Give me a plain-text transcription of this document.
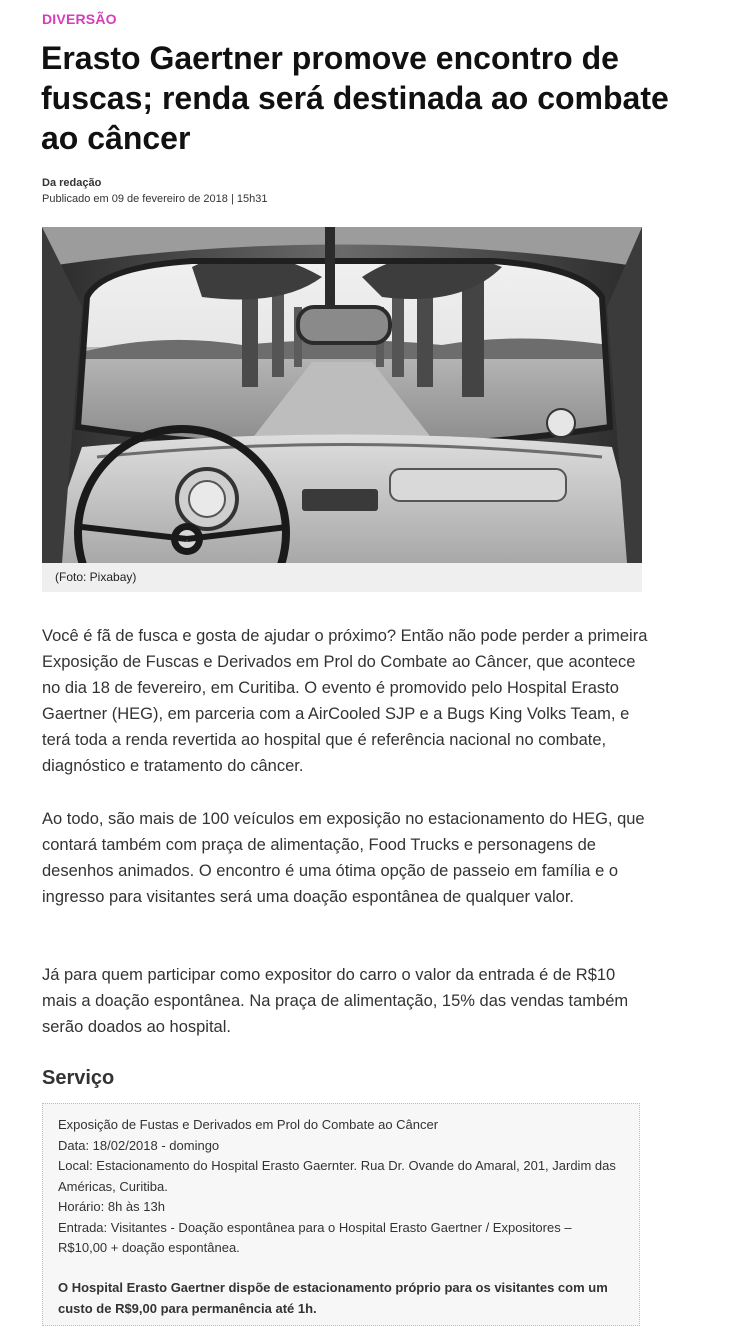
DIVERSÃO
Erasto Gaertner promove encontro de fuscas; renda será destinada ao combate ao câncer
Da redação
Publicado em 09 de fevereiro de 2018 | 15h31
(Foto: Pixabay)

Você é fã de fusca e gosta de ajudar o próximo? Então não pode perder a primeira Exposição de Fuscas e Derivados em Prol do Combate ao Câncer, que acontece no dia 18 de fevereiro, em Curitiba. O evento é promovido pelo Hospital Erasto Gaertner (HEG), em parceria com a AirCooled SJP e a Bugs King Volks Team, e terá toda a renda revertida ao hospital que é referência nacional no combate, diagnóstico e tratamento do câncer.

Ao todo, são mais de 100 veículos em exposição no estacionamento do HEG, que contará também com praça de alimentação, Food Trucks e personagens de desenhos animados. O encontro é uma ótima opção de passeio em família e o ingresso para visitantes será uma doação espontânea de qualquer valor.

Já para quem participar como expositor do carro o valor da entrada é de R$10 mais a doação espontânea. Na praça de alimentação, 15% das vendas também serão doados ao hospital.

Serviço
Exposição de Fustas e Derivados em Prol do Combate ao Câncer
Data: 18/02/2018 - domingo
Local: Estacionamento do Hospital Erasto Gaernter. Rua Dr. Ovande do Amaral, 201, Jardim das Américas, Curitiba.
Horário: 8h às 13h
Entrada: Visitantes - Doação espontânea para o Hospital Erasto Gaertner / Expositores – R$10,00 + doação espontânea.
O Hospital Erasto Gaertner dispõe de estacionamento próprio para os visitantes com um custo de R$9,00 para permanência até 1h.
